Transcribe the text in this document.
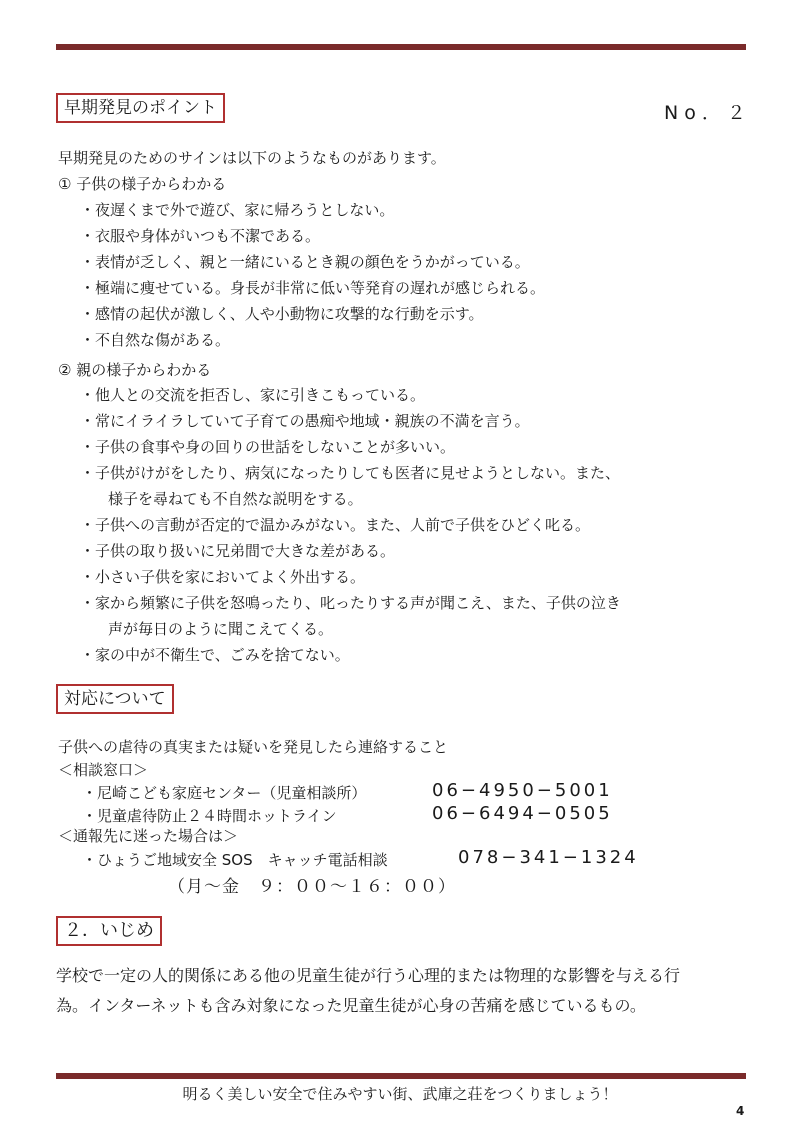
早期発見のポイント	No．２
早期発見のためのサインは以下のようなものがあります。
① 子供の様子からわかる
・夜遅くまで外で遊び、家に帰ろうとしない。
・衣服や身体がいつも不潔である。
・表情が乏しく、親と一緒にいるとき親の顔色をうかがっている。
・極端に痩せている。身長が非常に低い等発育の遅れが感じられる。
・感情の起伏が激しく、人や小動物に攻撃的な行動を示す。
・不自然な傷がある。
② 親の様子からわかる
・他人との交流を拒否し、家に引きこもっている。
・常にイライラしていて子育ての愚痴や地域・親族の不満を言う。
・子供の食事や身の回りの世話をしないことが多いい。
・子供がけがをしたり、病気になったりしても医者に見せようとしない。また、
様子を尋ねても不自然な説明をする。
・子供への言動が否定的で温かみがない。また、人前で子供をひどく叱る。
・子供の取り扱いに兄弟間で大きな差がある。
・小さい子供を家においてよく外出する。
・家から頻繁に子供を怒鳴ったり、叱ったりする声が聞こえ、また、子供の泣き
声が毎日のように聞こえてくる。
・家の中が不衛生で、ごみを捨てない。
対応について
子供への虐待の真実または疑いを発見したら連絡すること
＜相談窓口＞
・尼崎こども家庭センター（児童相談所）	06−4950−5001
・児童虐待防止２４時間ホットライン	06−6494−0505
＜通報先に迷った場合は＞
・ひょうご地域安全 SOS　キャッチ電話相談	078−341−1324
（月〜金　９：００〜１６：００）
２．いじめ
学校で一定の人的関係にある他の児童生徒が行う心理的または物理的な影響を与える行
為。インターネットも含み対象になった児童生徒が心身の苦痛を感じているもの。
明るく美しい安全で住みやすい街、武庫之荘をつくりましょう！
4
